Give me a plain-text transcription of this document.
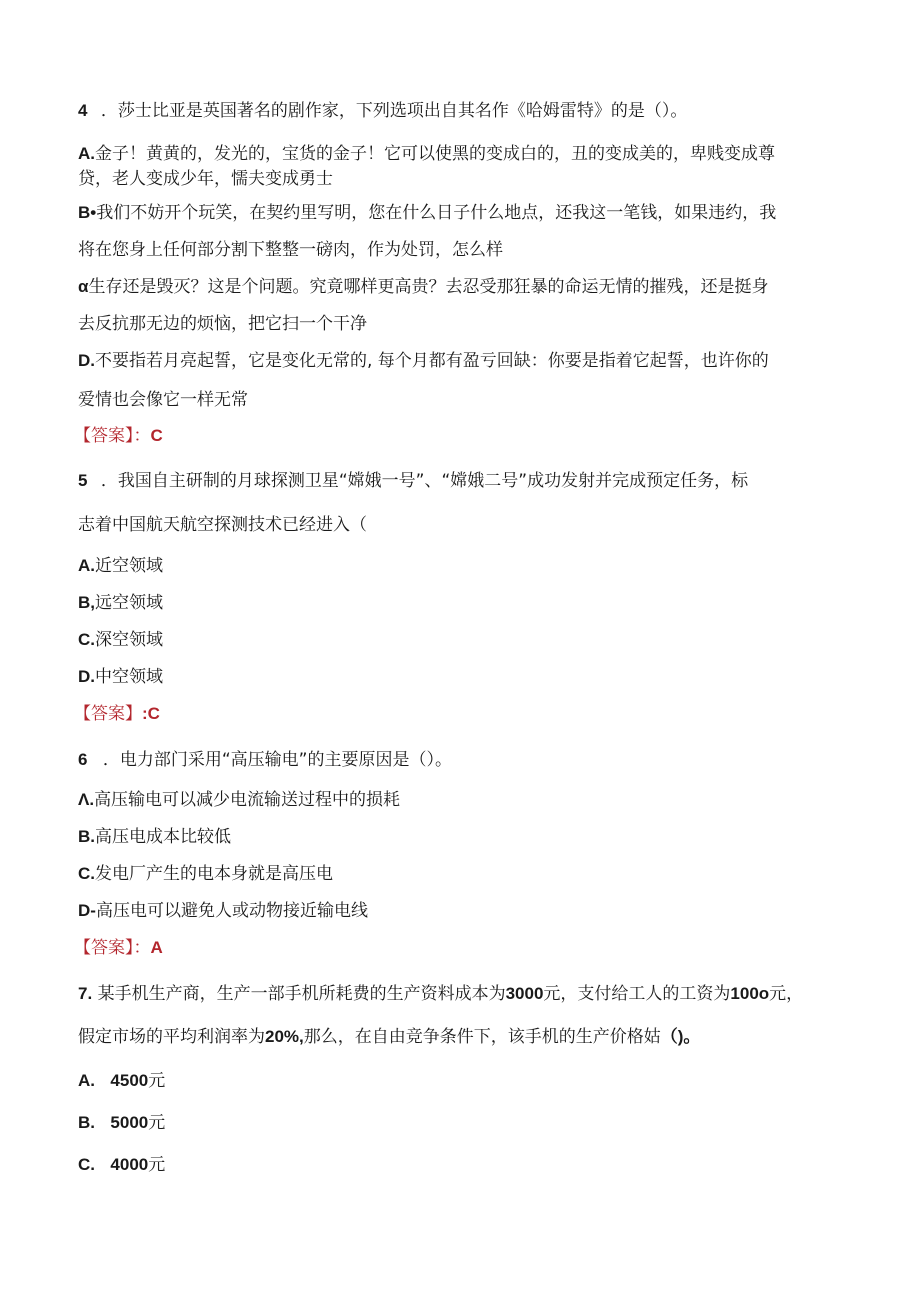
4 ．莎士比亚是英国著名的剧作家，下列选项出自其名作《哈姆雷特》的是（）。
A.金子！黄黄的，发光的，宝货的金子！它可以使黑的变成白的，丑的变成美的，卑贱变成尊
贷，老人变成少年，懦夫变成勇士
B•我们不妨开个玩笑，在契约里写明，您在什么日子什么地点，还我这一笔钱，如果违约，我
将在您身上任何部分割下整整一磅肉，作为处罚，怎么样
α生存还是毁灭？这是个问题。究竟哪样更高贵？去忍受那狂暴的命运无情的摧残，还是挺身
去反抗那无边的烦恼，把它扫一个干净
D.不要指若月亮起誓，它是变化无常的, 每个月都有盈亏回缺：你要是指着它起誓，也许你的
爱情也会像它一样无常
【答案】：C
5 ．我国自主研制的月球探测卫星“嫦娥一号”、“嫦娥二号”成功发射并完成预定任务，标
志着中国航天航空探测技术已经进入（
A.近空领域
B,远空领域
C.深空领域
D.中空领域
【答案】:C
6 ．电力部门采用“高压输电”的主要原因是（）。
Λ.高压输电可以减少电流输送过程中的损耗
B.高压电成本比较低
C.发电厂产生的电本身就是高压电
D-高压电可以避免人或动物接近输电线
【答案】：A
7. 某手机生产商，生产一部手机所耗费的生产资料成本为3000元，支付给工人的工资为100o元，
假定市场的平均利润率为20%,那么，在自由竞争条件下，该手机的生产价格姑（)。
A. 4500元
B. 5000元
C. 4000元
